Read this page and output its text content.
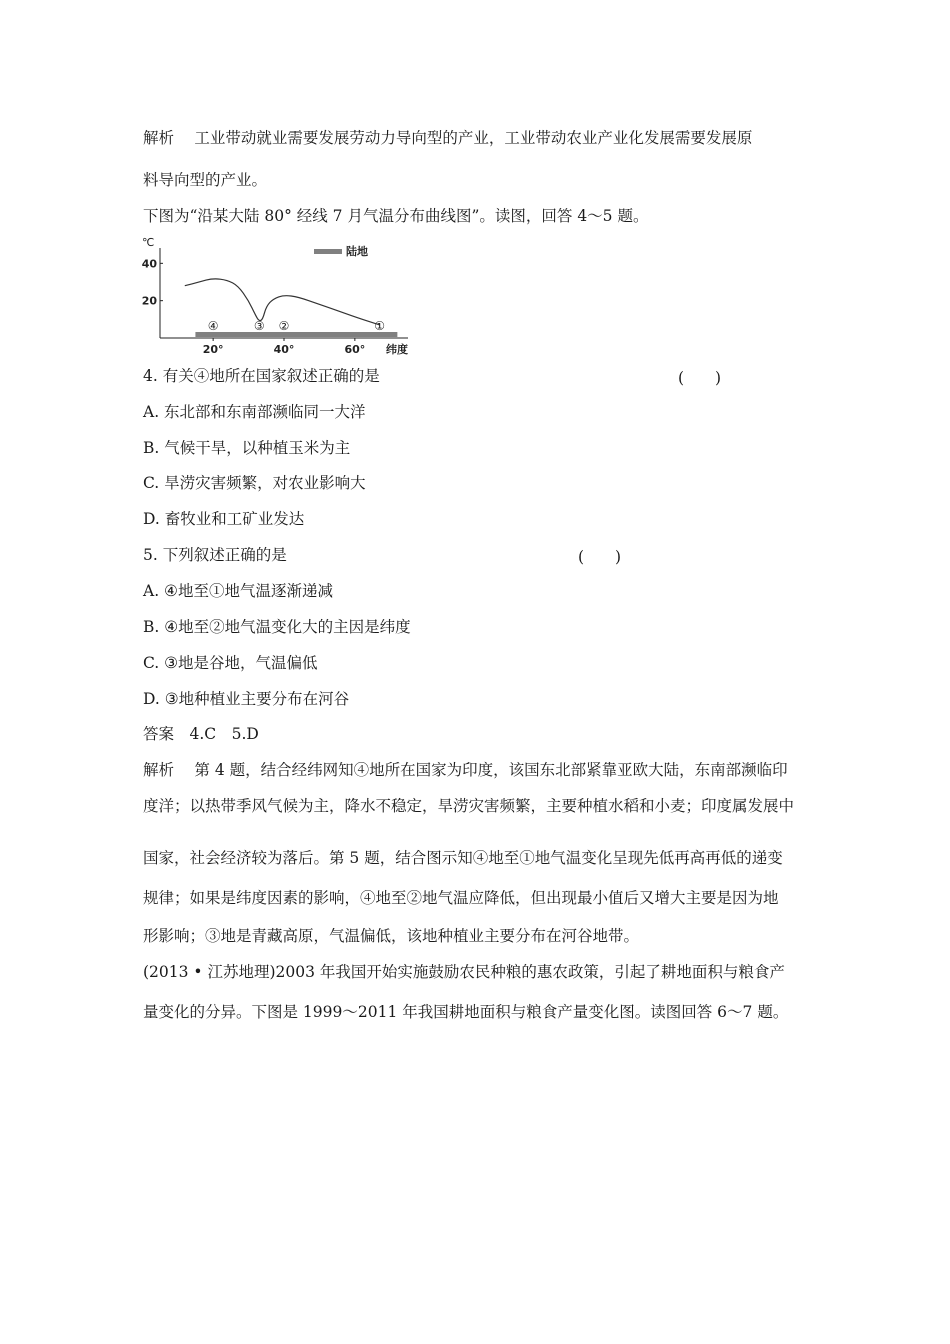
解析　 工业带动就业需要发展劳动力导向型的产业，工业带动农业产业化发展需要发展原
料导向型的产业。
下图为“沿某大陆 80° 经线 7 月气温分布曲线图”。读图，回答 4～5 题。
℃
40
20
20°	40°	60° 纬度
陆地
④	③ ②	①
4. 有关④地所在国家叙述正确的是	(　　)
A. 东北部和东南部濒临同一大洋
B. 气候干旱，以种植玉米为主
C. 旱涝灾害频繁，对农业影响大
D. 畜牧业和工矿业发达
5. 下列叙述正确的是	(　　)
A. ④地至①地气温逐渐递减
B. ④地至②地气温变化大的主因是纬度
C. ③地是谷地，气温偏低
D. ③地种植业主要分布在河谷
答案　4.C　5.D
解析　 第 4 题，结合经纬网知④地所在国家为印度，该国东北部紧靠亚欧大陆，东南部濒临印
度洋；以热带季风气候为主，降水不稳定，旱涝灾害频繁，主要种植水稻和小麦；印度属发展中
国家，社会经济较为落后。第 5 题，结合图示知④地至①地气温变化呈现先低再高再低的递变
规律；如果是纬度因素的影响，④地至②地气温应降低，但出现最小值后又增大主要是因为地
形影响；③地是青藏高原，气温偏低，该地种植业主要分布在河谷地带。
(2013 • 江苏地理)2003 年我国开始实施鼓励农民种粮的惠农政策，引起了耕地面积与粮食产
量变化的分异。下图是 1999～2011 年我国耕地面积与粮食产量变化图。读图回答 6～7 题。
